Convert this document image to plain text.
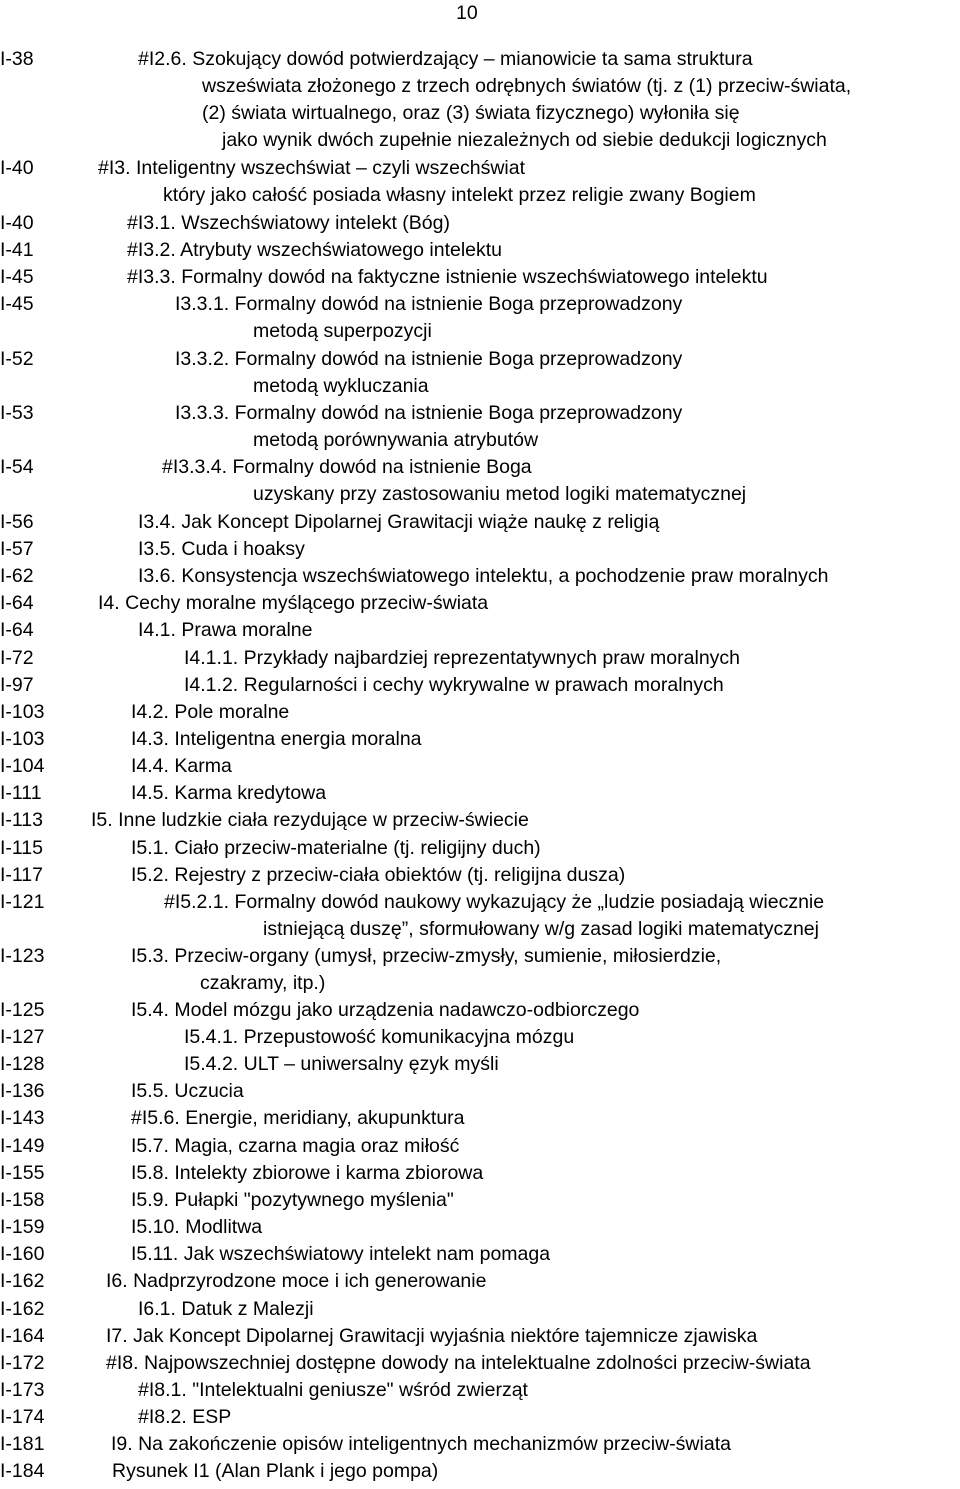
10
I-38	#I2.6. Szokujący dowód potwierdzający – mianowicie ta sama struktura
wszeświata złożonego z trzech odrębnych światów (tj. z (1) przeciw-świata,
(2) świata wirtualnego, oraz (3) świata fizycznego) wyłoniła się
jako wynik dwóch zupełnie niezależnych od siebie dedukcji logicznych
I-40	#I3. Inteligentny wszechświat – czyli wszechświat
który jako całość posiada własny intelekt przez religie zwany Bogiem
I-40	#I3.1. Wszechświatowy intelekt (Bóg)
I-41	#I3.2. Atrybuty wszechświatowego intelektu
I-45	#I3.3. Formalny dowód na faktyczne istnienie wszechświatowego intelektu
I-45	I3.3.1. Formalny dowód na istnienie Boga przeprowadzony
metodą superpozycji
I-52	I3.3.2. Formalny dowód na istnienie Boga przeprowadzony
metodą wykluczania
I-53	I3.3.3. Formalny dowód na istnienie Boga przeprowadzony
metodą porównywania atrybutów
I-54	#I3.3.4. Formalny dowód na istnienie Boga
uzyskany przy zastosowaniu metod logiki matematycznej
I-56	I3.4. Jak Koncept Dipolarnej Grawitacji wiąże naukę z religią
I-57	I3.5. Cuda i hoaksy
I-62	I3.6. Konsystencja wszechświatowego intelektu, a pochodzenie praw moralnych
I-64	I4. Cechy moralne myślącego przeciw-świata
I-64	I4.1. Prawa moralne
I-72	I4.1.1. Przykłady najbardziej reprezentatywnych praw moralnych
I-97	I4.1.2. Regularności i cechy wykrywalne w prawach moralnych
I-103	I4.2. Pole moralne
I-103	I4.3. Inteligentna energia moralna
I-104	I4.4. Karma
I-111	I4.5. Karma kredytowa
I-113 I5. Inne ludzkie ciała rezydujące w przeciw-świecie
I-115	I5.1. Ciało przeciw-materialne (tj. religijny duch)
I-117	I5.2. Rejestry z przeciw-ciała obiektów (tj. religijna dusza)
I-121	#I5.2.1. Formalny dowód naukowy wykazujący że „ludzie posiadają wiecznie
istniejącą duszę”, sformułowany w/g zasad logiki matematycznej
I-123	I5.3. Przeciw-organy (umysł, przeciw-zmysły, sumienie, miłosierdzie,
czakramy, itp.)
I-125	I5.4. Model mózgu jako urządzenia nadawczo-odbiorczego
I-127	I5.4.1. Przepustowość komunikacyjna mózgu
I-128	I5.4.2. ULT – uniwersalny ęzyk myśli
I-136	I5.5. Uczucia
I-143	#I5.6. Energie, meridiany, akupunktura
I-149	I5.7. Magia, czarna magia oraz miłość
I-155	I5.8. Intelekty zbiorowe i karma zbiorowa
I-158	I5.9. Pułapki "pozytywnego myślenia"
I-159	I5.10. Modlitwa
I-160	I5.11. Jak wszechświatowy intelekt nam pomaga
I-162	I6. Nadprzyrodzone moce i ich generowanie
I-162	I6.1. Datuk z Malezji
I-164	I7. Jak Koncept Dipolarnej Grawitacji wyjaśnia niektóre tajemnicze zjawiska
I-172	#I8. Najpowszechniej dostępne dowody na intelektualne zdolności przeciw-świata
I-173	#I8.1. "Intelektualni geniusze" wśród zwierząt
I-174	#I8.2. ESP
I-181	I9. Na zakończenie opisów inteligentnych mechanizmów przeciw-świata
I-184	Rysunek I1 (Alan Plank i jego pompa)
